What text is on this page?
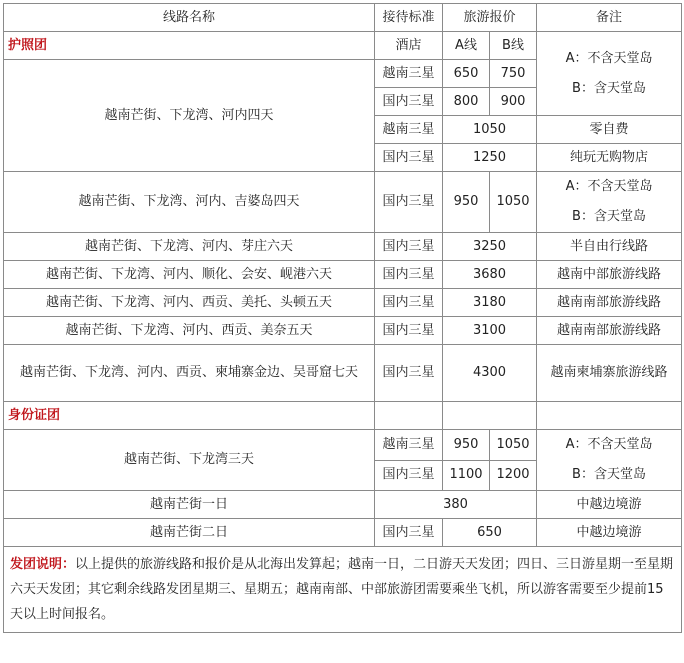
线路名称	接待标准	旅游报价		备注
护照团	酒店	A线	B线	A：不含天堂岛
B：含天堂岛

越南芒街、下龙湾、河内四天	越南三星	650	750	
	国内三星	800	900	
	越南三星	1050		零自费
	国内三星	1250		纯玩无购物店
越南芒街、下龙湾、河内、吉婆岛四天	国内三星	950	1050	A：不含天堂岛
B：含天堂岛

越南芒街、下龙湾、河内、芽庄六天	国内三星	3250		半自由行线路
越南芒街、下龙湾、河内、顺化、会安、岘港六天	国内三星	3680		越南中部旅游线路
越南芒街、下龙湾、河内、西贡、美托、头顿五天	国内三星	3180		越南南部旅游线路
越南芒街、下龙湾、河内、西贡、美奈五天	国内三星	3100		越南南部旅游线路
越南芒街、下龙湾、河内、西贡、柬埔寨金边、吴哥窟七天	国内三星	4300		越南柬埔寨旅游线路
身份证团				
越南芒街、下龙湾三天	越南三星	950	1050	A：不含天堂岛
B：含天堂岛

	国内三星	1100	1200	
越南芒街一日	380			中越边境游
越南芒街二日	国内三星	650		中越边境游
发团说明：以上提供的旅游线路和报价是从北海出发算起；越南一日，二日游天天发团；四日、三日游星期一至星期六天天发团；其它剩余线路发团星期三、星期五；越南南部、中部旅游团需要乘坐飞机，所以游客需要至少提前15天以上时间报名。				
